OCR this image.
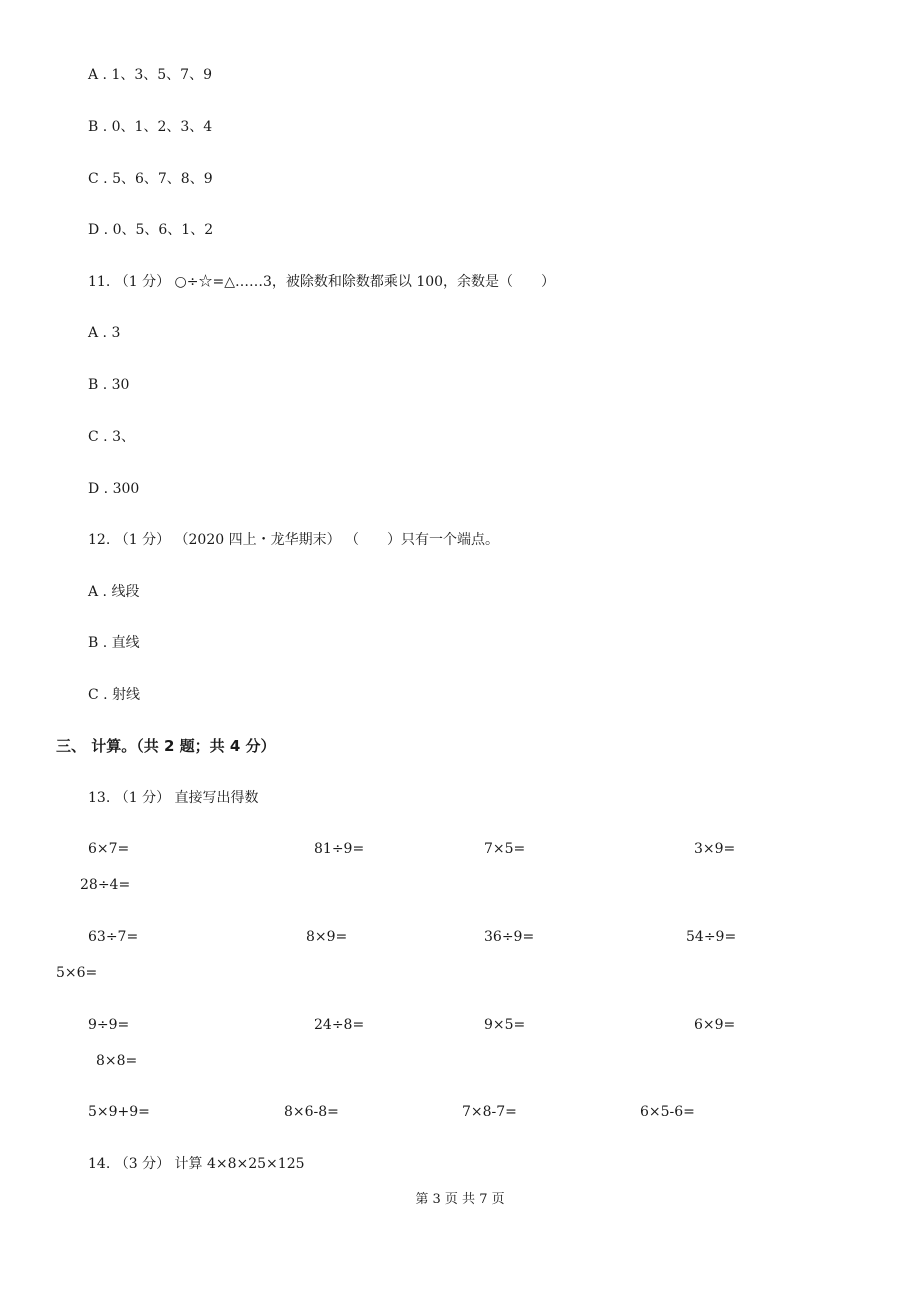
A . 1、3、5、7、9
B . 0、1、2、3、4
C . 5、6、7、8、9
D . 0、5、6、1、2
11. （1 分） ○÷☆=△……3，被除数和除数都乘以 100，余数是（　　）
A . 3
B . 30
C . 3、
D . 300
12. （1 分） （2020 四上・龙华期末） （　　）只有一个端点。
A . 线段
B . 直线
C . 射线
三、 计算。（共 2 题；共 4 分）
13. （1 分） 直接写出得数
6×7=	81÷9=	7×5=	3×9=
28÷4=
63÷7=	8×9=	36÷9=	54÷9=
5×6=
9÷9=	24÷8=	9×5=	6×9=
8×8=
5×9+9=	8×6-8=	7×8-7=	6×5-6=
14. （3 分） 计算 4×8×25×125
第 3 页 共 7 页
